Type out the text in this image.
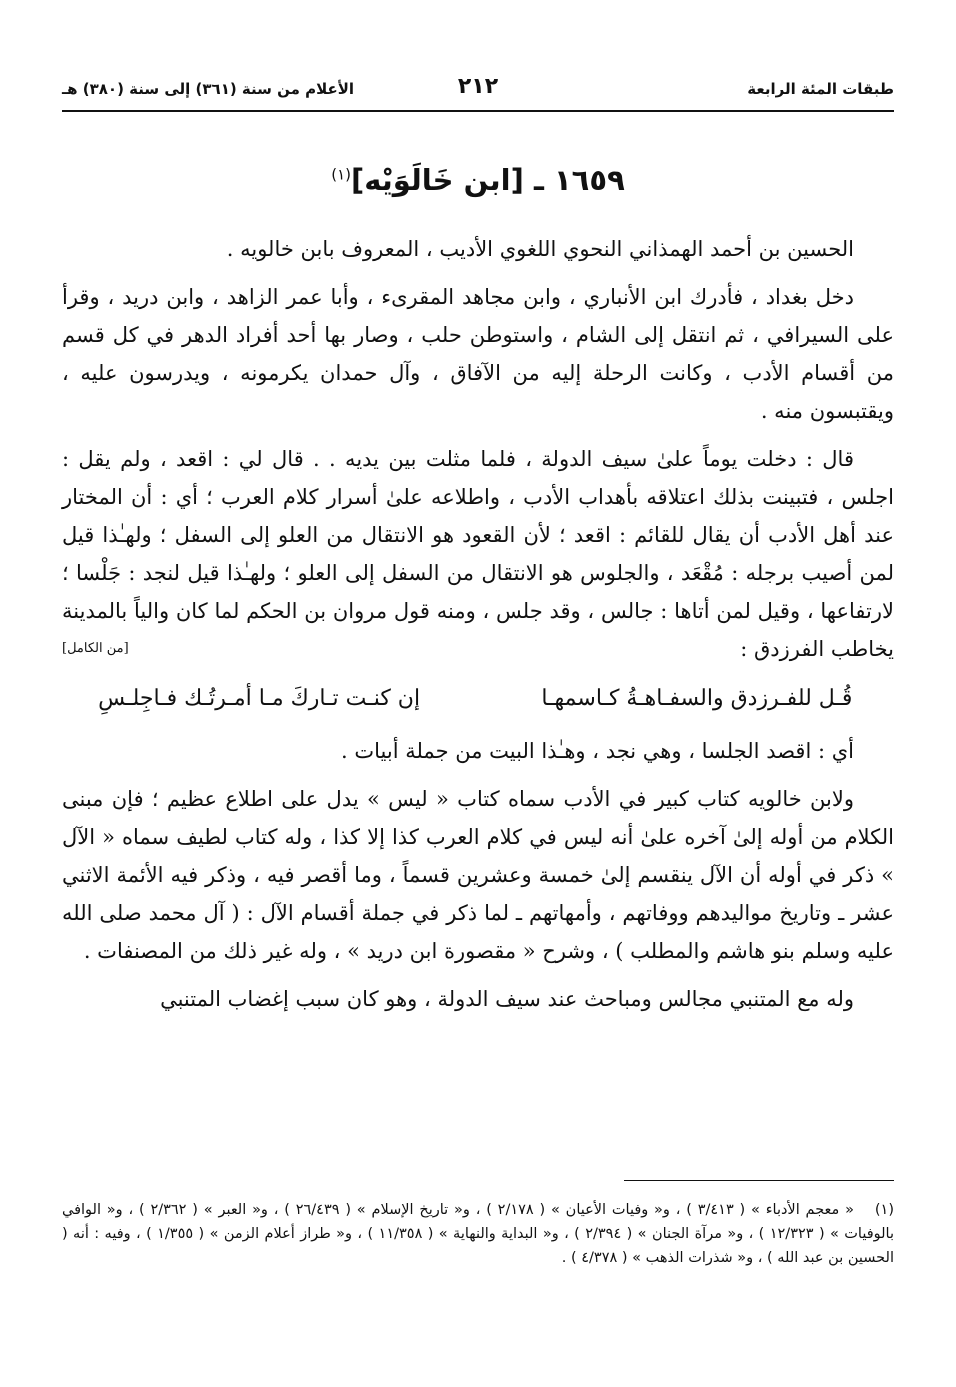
طبقات المئة الرابعة
٢١٢
الأعلام من سنة (٣٦١) إلى سنة (٣٨٠) هـ
١٦٥٩ ـ [ابن خَالَوَيْه]$^{(١)}$

الحسين بن أحمد الهمذاني النحوي اللغوي الأديب ، المعروف بابن خالويه .

دخل بغداد ، فأدرك ابن الأنباري ، وابن مجاهد المقرىء ، وأبا عمر الزاهد ، وابن دريد ، وقرأ على السيرافي ، ثم انتقل إلى الشام ، واستوطن حلب ، وصار بها أحد أفراد الدهر في كل قسم من أقسام الأدب ، وكانت الرحلة إليه من الآفاق ، وآل حمدان يكرمونه ، ويدرسون عليه ، ويقتبسون منه .

قال : دخلت يوماً علىٰ سيف الدولة ، فلما مثلت بين يديه . . قال لي : اقعد ، ولم يقل : اجلس ، فتبينت بذلك اعتلاقه بأهداب الأدب ، واطلاعه علىٰ أسرار كلام العرب ؛ أي : أن المختار عند أهل الأدب أن يقال للقائم : اقعد ؛ لأن القعود هو الانتقال من العلو إلى السفل ؛ ولهـٰذا قيل لمن أصيب برجله : مُقْعَد ، والجلوس هو الانتقال من السفل إلى العلو ؛ ولهـٰذا قيل لنجد : جَلْسا ؛ لارتفاعها ، وقيل لمن أتاها : جالس ، وقد جلس ، ومنه قول مروان بن الحكم لما كان والياً بالمدينة يخاطب الفرزدق :
[من الكامل]

قُـل للفـرزدق والسفـاهـةُ كـاسمهـا
إن كنـت تـاركَ مـا أمـرتُـك فـاجِلـسِ

أي : اقصد الجلسا ، وهي نجد ، وهـٰذا البيت من جملة أبيات .

ولابن خالويه كتاب كبير في الأدب سماه كتاب « ليس » يدل على اطلاع عظيم ؛ فإن مبنى الكلام من أوله إلىٰ آخره علىٰ أنه ليس في كلام العرب كذا إلا كذا ، وله كتاب لطيف سماه « الآل » ذكر في أوله أن الآل ينقسم إلىٰ خمسة وعشرين قسماً ، وما أقصر فيه ، وذكر فيه الأئمة الاثني عشر ـ وتاريخ مواليدهم ووفاتهم ، وأمهاتهم ـ لما ذكر في جملة أقسام الآل : ( آل محمد صلى الله عليه وسلم بنو هاشم والمطلب ) ، وشرح « مقصورة ابن دريد » ، وله غير ذلك من المصنفات .

وله مع المتنبي مجالس ومباحث عند سيف الدولة ، وهو كان سبب إغضاب المتنبي

(١)« معجم الأدباء » ( ٣/٤١٣ ) ، و« وفيات الأعيان » ( ٢/١٧٨ ) ، و« تاريخ الإسلام » ( ٢٦/٤٣٩ ) ، و« العبر » ( ٢/٣٦٢ ) ، و« الوافي بالوفيات » ( ١٢/٣٢٣ ) ، و« مرآة الجنان » ( ٢/٣٩٤ ) ، و« البداية والنهاية » ( ١١/٣٥٨ ) ، و« طراز أعلام الزمن » ( ١/٣٥٥ ) ، وفيه : أنه ( الحسين بن عبد الله ) ، و« شذرات الذهب » ( ٤/٣٧٨ ) .
